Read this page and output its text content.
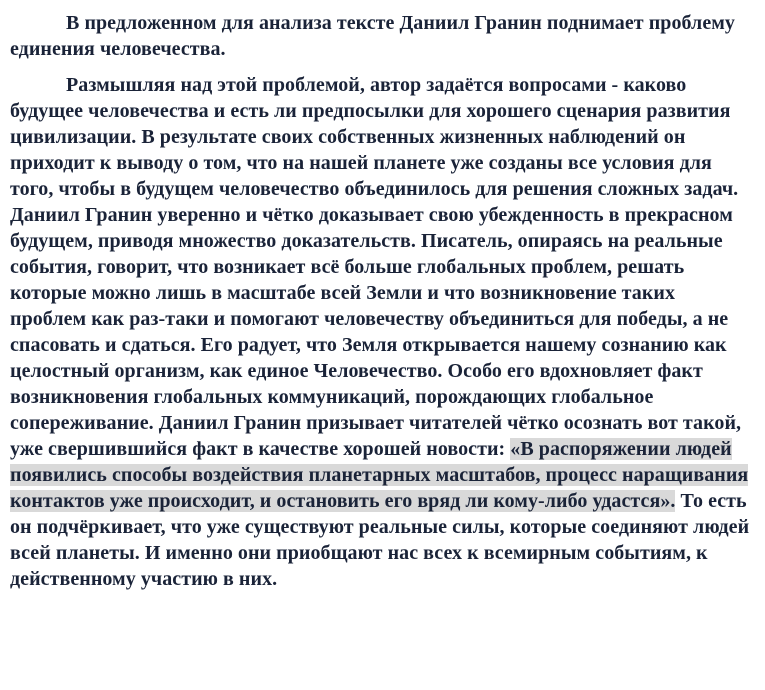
В предложенном для анализа тексте Даниил Гранин поднимает проблему единения человечества.

Размышляя над этой проблемой, автор задаётся вопросами - каково будущее человечества и есть ли предпосылки для хорошего сценария развития цивилизации. В результате своих собственных жизненных наблюдений он приходит к выводу о том, что на нашей планете уже созданы все условия для того, чтобы в будущем человечество объединилось для решения сложных задач. Даниил Гранин уверенно и чётко доказывает свою убежденность в прекрасном будущем, приводя множество доказательств. Писатель, опираясь на реальные события, говорит, что возникает всё больше глобальных проблем, решать которые можно лишь в масштабе всей Земли и что возникновение таких проблем как раз-таки и помогают человечеству объединиться для победы, а не спасовать и сдаться. Его радует, что Земля открывается нашему сознанию как целостный организм, как единое Человечество. Особо его вдохновляет факт возникновения глобальных коммуникаций, порождающих глобальное сопереживание. Даниил Гранин призывает читателей чётко осознать вот такой, уже свершившийся факт в качестве хорошей новости: «В распоряжении людей появились способы воздействия планетарных масштабов, процесс наращивания контактов уже происходит, и остановить его вряд ли кому-либо удастся». То есть он подчёркивает, что уже существуют реальные силы, которые соединяют людей всей планеты. И именно они приобщают нас всех к всемирным событиям, к действенному участию в них.
